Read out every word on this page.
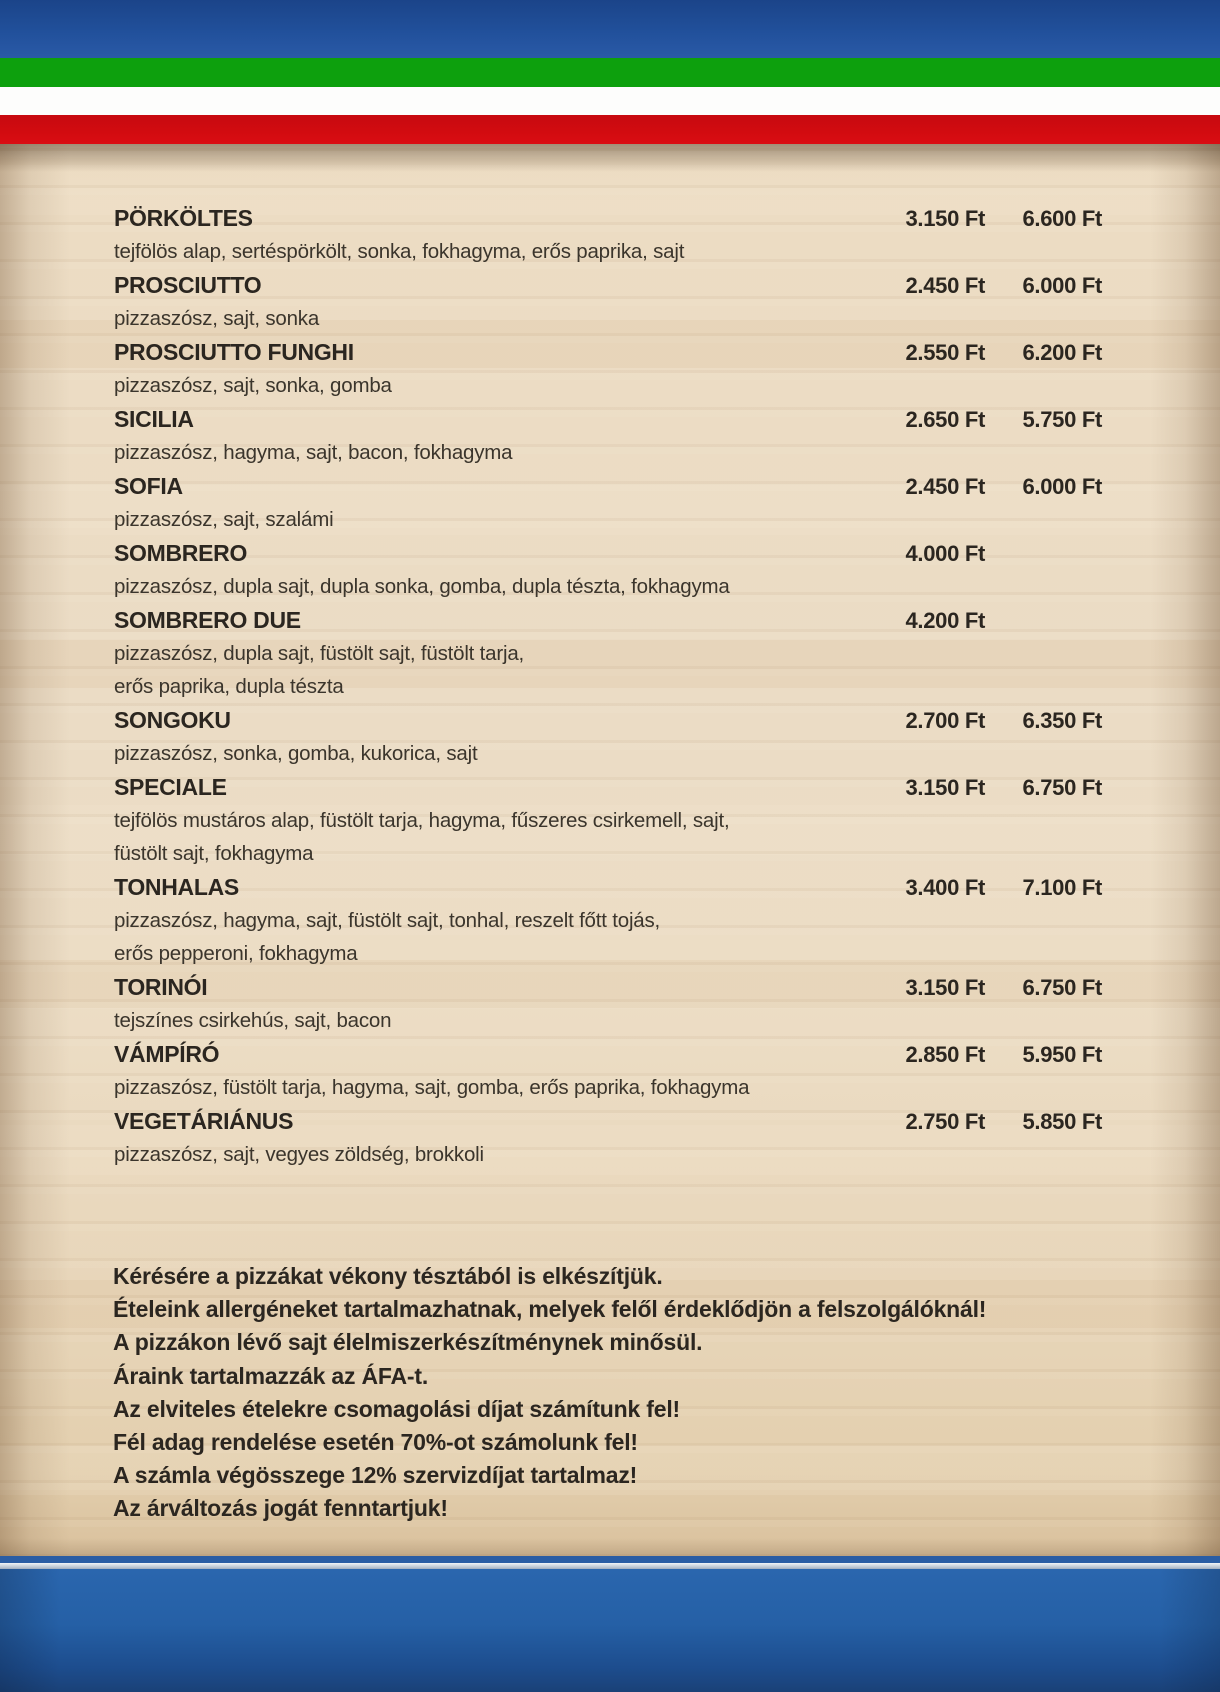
PÖRKÖLTES	3.150 Ft	6.600 Ft
tejfölös alap, sertéspörkölt, sonka, fokhagyma, erős paprika, sajt
PROSCIUTTO	2.450 Ft	6.000 Ft
pizzaszósz, sajt, sonka
PROSCIUTTO FUNGHI	2.550 Ft	6.200 Ft
pizzaszósz, sajt, sonka, gomba
SICILIA	2.650 Ft	5.750 Ft
pizzaszósz, hagyma, sajt, bacon, fokhagyma
SOFIA	2.450 Ft	6.000 Ft
pizzaszósz, sajt, szalámi
SOMBRERO	4.000 Ft
pizzaszósz, dupla sajt, dupla sonka, gomba, dupla tészta, fokhagyma
SOMBRERO DUE	4.200 Ft
pizzaszósz, dupla sajt, füstölt sajt, füstölt tarja,
erős paprika, dupla tészta
SONGOKU	2.700 Ft	6.350 Ft
pizzaszósz, sonka, gomba, kukorica, sajt
SPECIALE	3.150 Ft	6.750 Ft
tejfölös mustáros alap, füstölt tarja, hagyma, fűszeres csirkemell, sajt,
füstölt sajt, fokhagyma
TONHALAS	3.400 Ft	7.100 Ft
pizzaszósz, hagyma, sajt, füstölt sajt, tonhal, reszelt főtt tojás,
erős pepperoni, fokhagyma
TORINÓI	3.150 Ft	6.750 Ft
tejszínes csirkehús, sajt, bacon
VÁMPÍRÓ	2.850 Ft	5.950 Ft
pizzaszósz, füstölt tarja, hagyma, sajt, gomba, erős paprika, fokhagyma
VEGETÁRIÁNUS	2.750 Ft	5.850 Ft
pizzaszósz, sajt, vegyes zöldség, brokkoli
Kérésére a pizzákat vékony tésztából is elkészítjük.
Ételeink allergéneket tartalmazhatnak, melyek felől érdeklődjön a felszolgálóknál!
A pizzákon lévő sajt élelmiszerkészítménynek minősül.
Áraink tartalmazzák az ÁFA-t.
Az elviteles ételekre csomagolási díjat számítunk fel!
Fél adag rendelése esetén 70%-ot számolunk fel!
A számla végösszege 12% szervizdíjat tartalmaz!
Az árváltozás jogát fenntartjuk!
